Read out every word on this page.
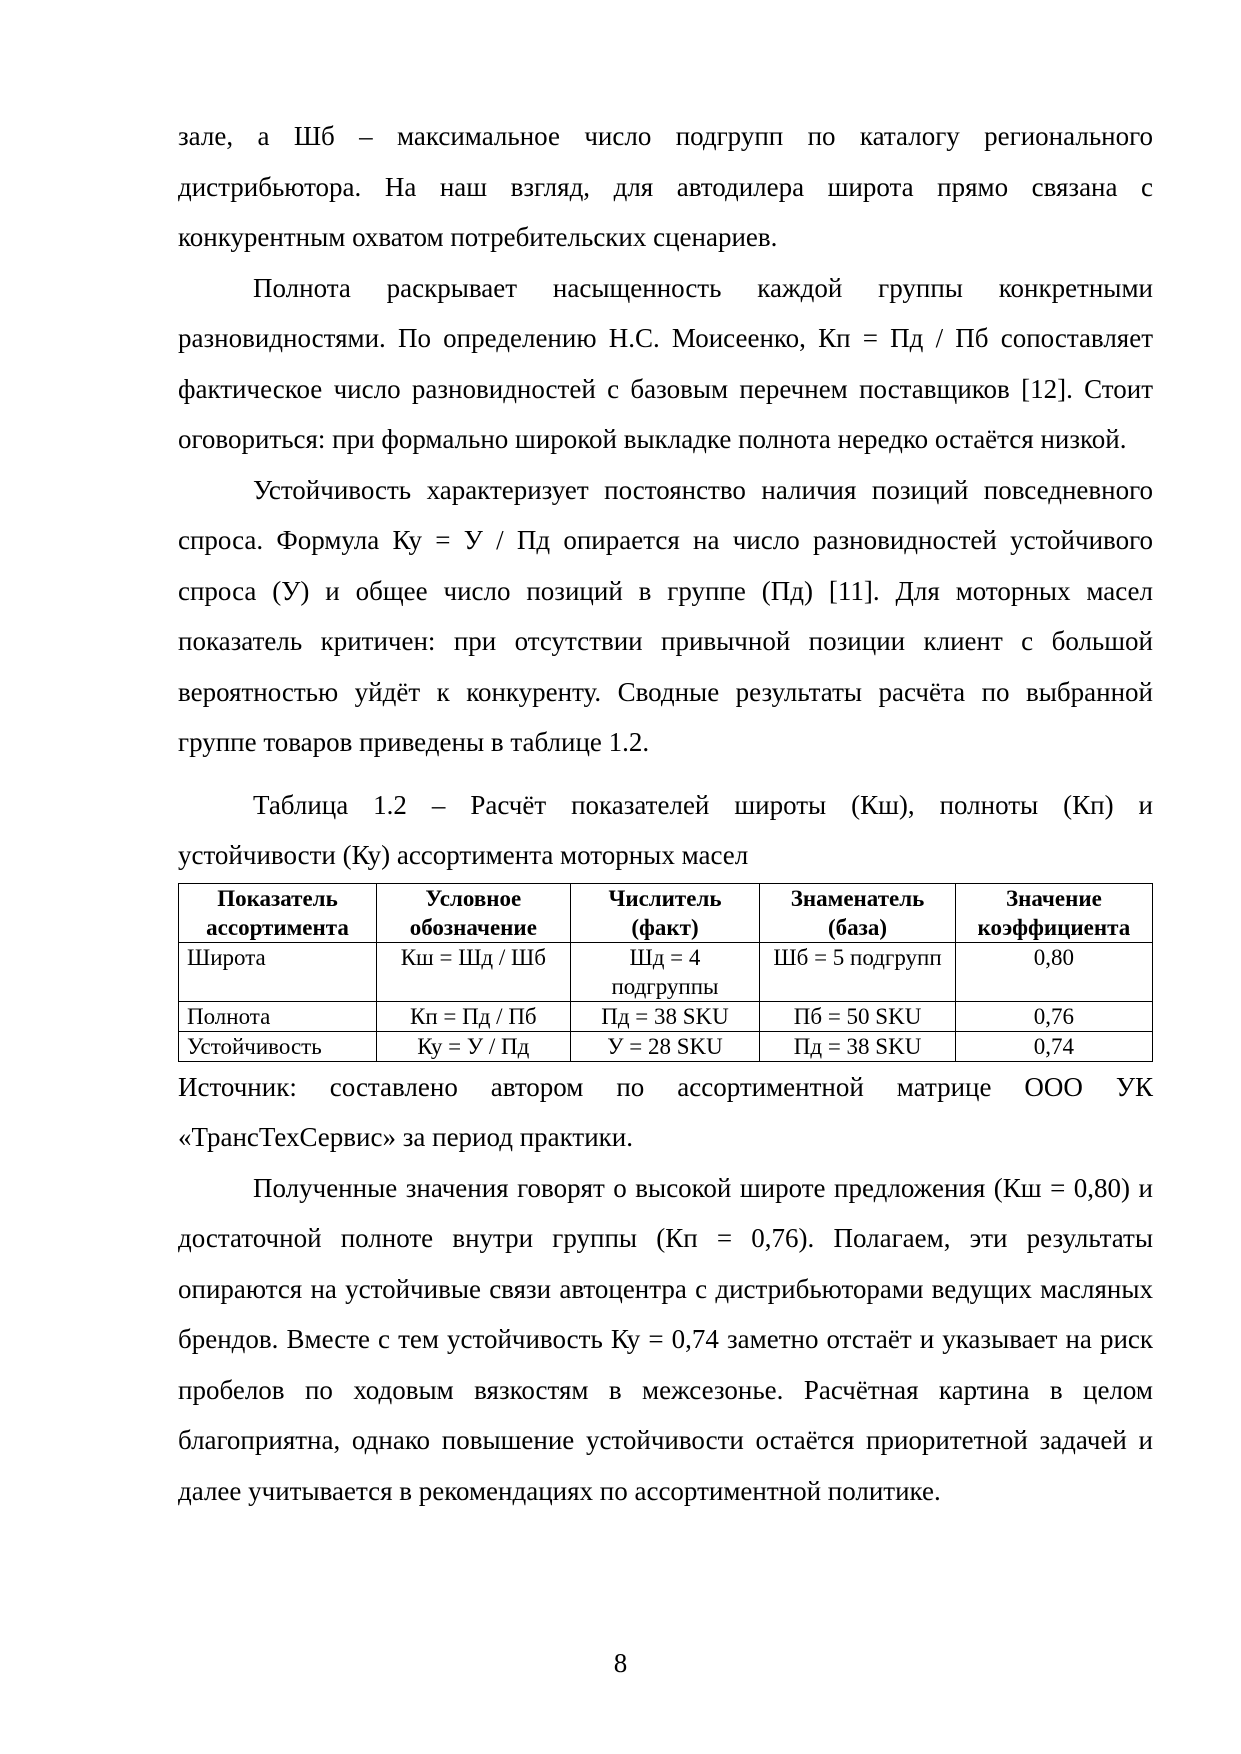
зале, а Шб – максимальное число подгрупп по каталогу регионального дистрибьютора. На наш взгляд, для автодилера широта прямо связана с конкурентным охватом потребительских сценариев.

Полнота раскрывает насыщенность каждой группы конкретными разновидностями. По определению Н.С. Моисеенко, Кп = Пд / Пб сопоставляет фактическое число разновидностей с базовым перечнем поставщиков [12]. Стоит оговориться: при формально широкой выкладке полнота нередко остаётся низкой.

Устойчивость характеризует постоянство наличия позиций повседневного спроса. Формула Ку = У / Пд опирается на число разновидностей устойчивого спроса (У) и общее число позиций в группе (Пд) [11]. Для моторных масел показатель критичен: при отсутствии привычной позиции клиент с большой вероятностью уйдёт к конкуренту. Сводные результаты расчёта по выбранной группе товаров приведены в таблице 1.2.

Таблица 1.2 – Расчёт показателей широты (Кш), полноты (Кп) и устойчивости (Ку) ассортимента моторных масел

Показатель ассортимента	Условное обозначение	Числитель (факт)	Знаменатель (база)	Значение коэффициента
Широта	Кш = Шд / Шб	Шд = 4 подгруппы	Шб = 5 подгрупп	0,80
Полнота	Кп = Пд / Пб	Пд = 38 SKU	Пб = 50 SKU	0,76
Устойчивость	Ку = У / Пд	У = 28 SKU	Пд = 38 SKU	0,74

Источник: составлено автором по ассортиментной матрице ООО УК «ТрансТехСервис» за период практики.

Полученные значения говорят о высокой широте предложения (Кш = 0,80) и достаточной полноте внутри группы (Кп = 0,76). Полагаем, эти результаты опираются на устойчивые связи автоцентра с дистрибьюторами ведущих масляных брендов. Вместе с тем устойчивость Ку = 0,74 заметно отстаёт и указывает на риск пробелов по ходовым вязкостям в межсезонье. Расчётная картина в целом благоприятна, однако повышение устойчивости остаётся приоритетной задачей и далее учитывается в рекомендациях по ассортиментной политике.

8
